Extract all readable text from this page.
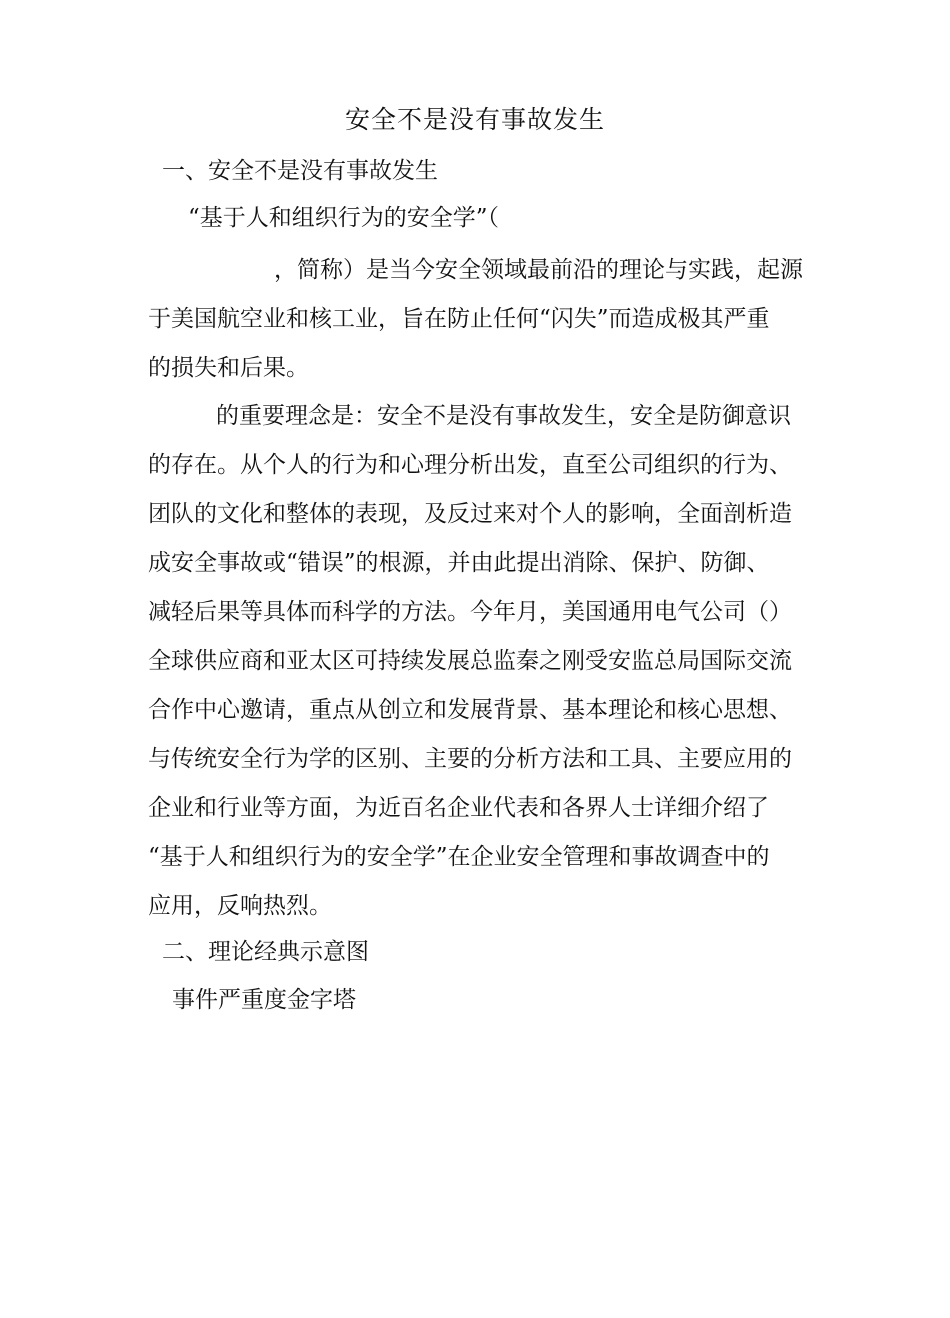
安全不是没有事故发生
一、安全不是没有事故发生
“基于人和组织行为的安全学”（
，简称）是当今安全领域最前沿的理论与实践，起源
于美国航空业和核工业，旨在防止任何“闪失”而造成极其严重
的损失和后果。
的重要理念是：安全不是没有事故发生，安全是防御意识
的存在。从个人的行为和心理分析出发，直至公司组织的行为、
团队的文化和整体的表现，及反过来对个人的影响，全面剖析造
成安全事故或“错误”的根源，并由此提出消除、保护、防御、
减轻后果等具体而科学的方法。今年月，美国通用电气公司（）
全球供应商和亚太区可持续发展总监秦之刚受安监总局国际交流
合作中心邀请，重点从创立和发展背景、基本理论和核心思想、
与传统安全行为学的区别、主要的分析方法和工具、主要应用的
企业和行业等方面，为近百名企业代表和各界人士详细介绍了
“基于人和组织行为的安全学”在企业安全管理和事故调查中的
应用，反响热烈。
二、理论经典示意图
事件严重度金字塔
